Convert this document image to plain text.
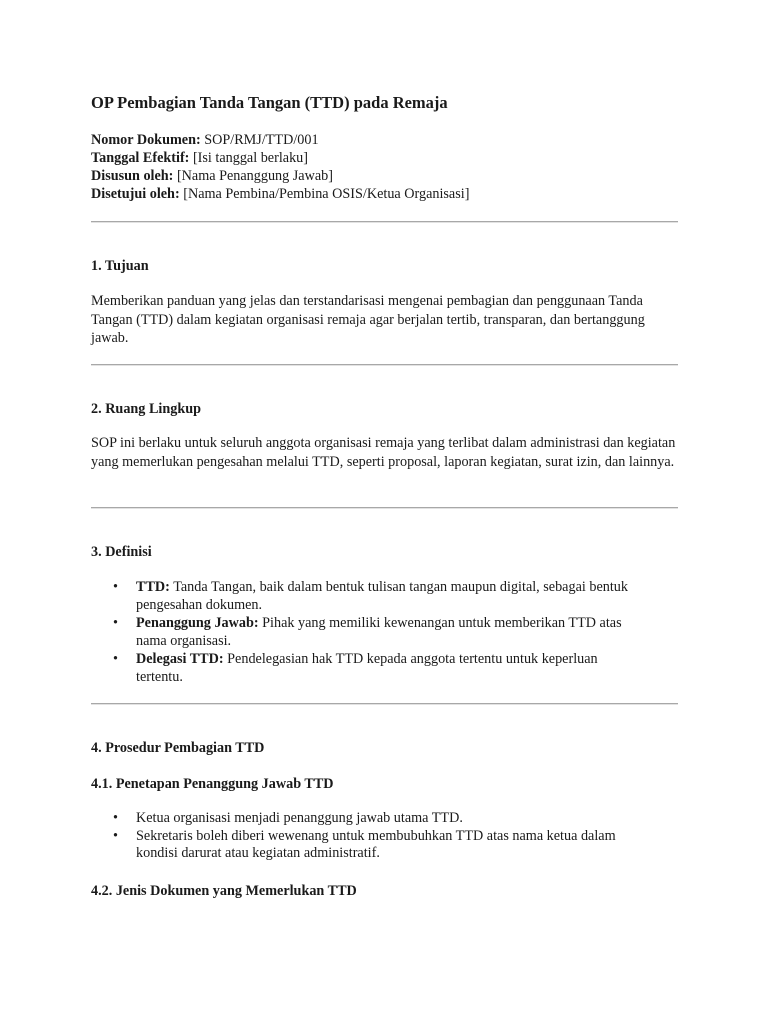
OP Pembagian Tanda Tangan (TTD) pada Remaja
Nomor Dokumen: SOP/RMJ/TTD/001
Tanggal Efektif: [Isi tanggal berlaku]
Disusun oleh: [Nama Penanggung Jawab]
Disetujui oleh: [Nama Pembina/Pembina OSIS/Ketua Organisasi]

1. Tujuan

Memberikan panduan yang jelas dan terstandarisasi mengenai pembagian dan penggunaan Tanda Tangan (TTD) dalam kegiatan organisasi remaja agar berjalan tertib, transparan, dan bertanggung jawab.

2. Ruang Lingkup

SOP ini berlaku untuk seluruh anggota organisasi remaja yang terlibat dalam administrasi dan kegiatan yang memerlukan pengesahan melalui TTD, seperti proposal, laporan kegiatan, surat izin, dan lainnya.

3. Definisi

• TTD: Tanda Tangan, baik dalam bentuk tulisan tangan maupun digital, sebagai bentuk pengesahan dokumen.
• Penanggung Jawab: Pihak yang memiliki kewenangan untuk memberikan TTD atas nama organisasi.
• Delegasi TTD: Pendelegasian hak TTD kepada anggota tertentu untuk keperluan tertentu.

4. Prosedur Pembagian TTD

4.1. Penetapan Penanggung Jawab TTD

• Ketua organisasi menjadi penanggung jawab utama TTD.
• Sekretaris boleh diberi wewenang untuk membubuhkan TTD atas nama ketua dalam kondisi darurat atau kegiatan administratif.

4.2. Jenis Dokumen yang Memerlukan TTD
